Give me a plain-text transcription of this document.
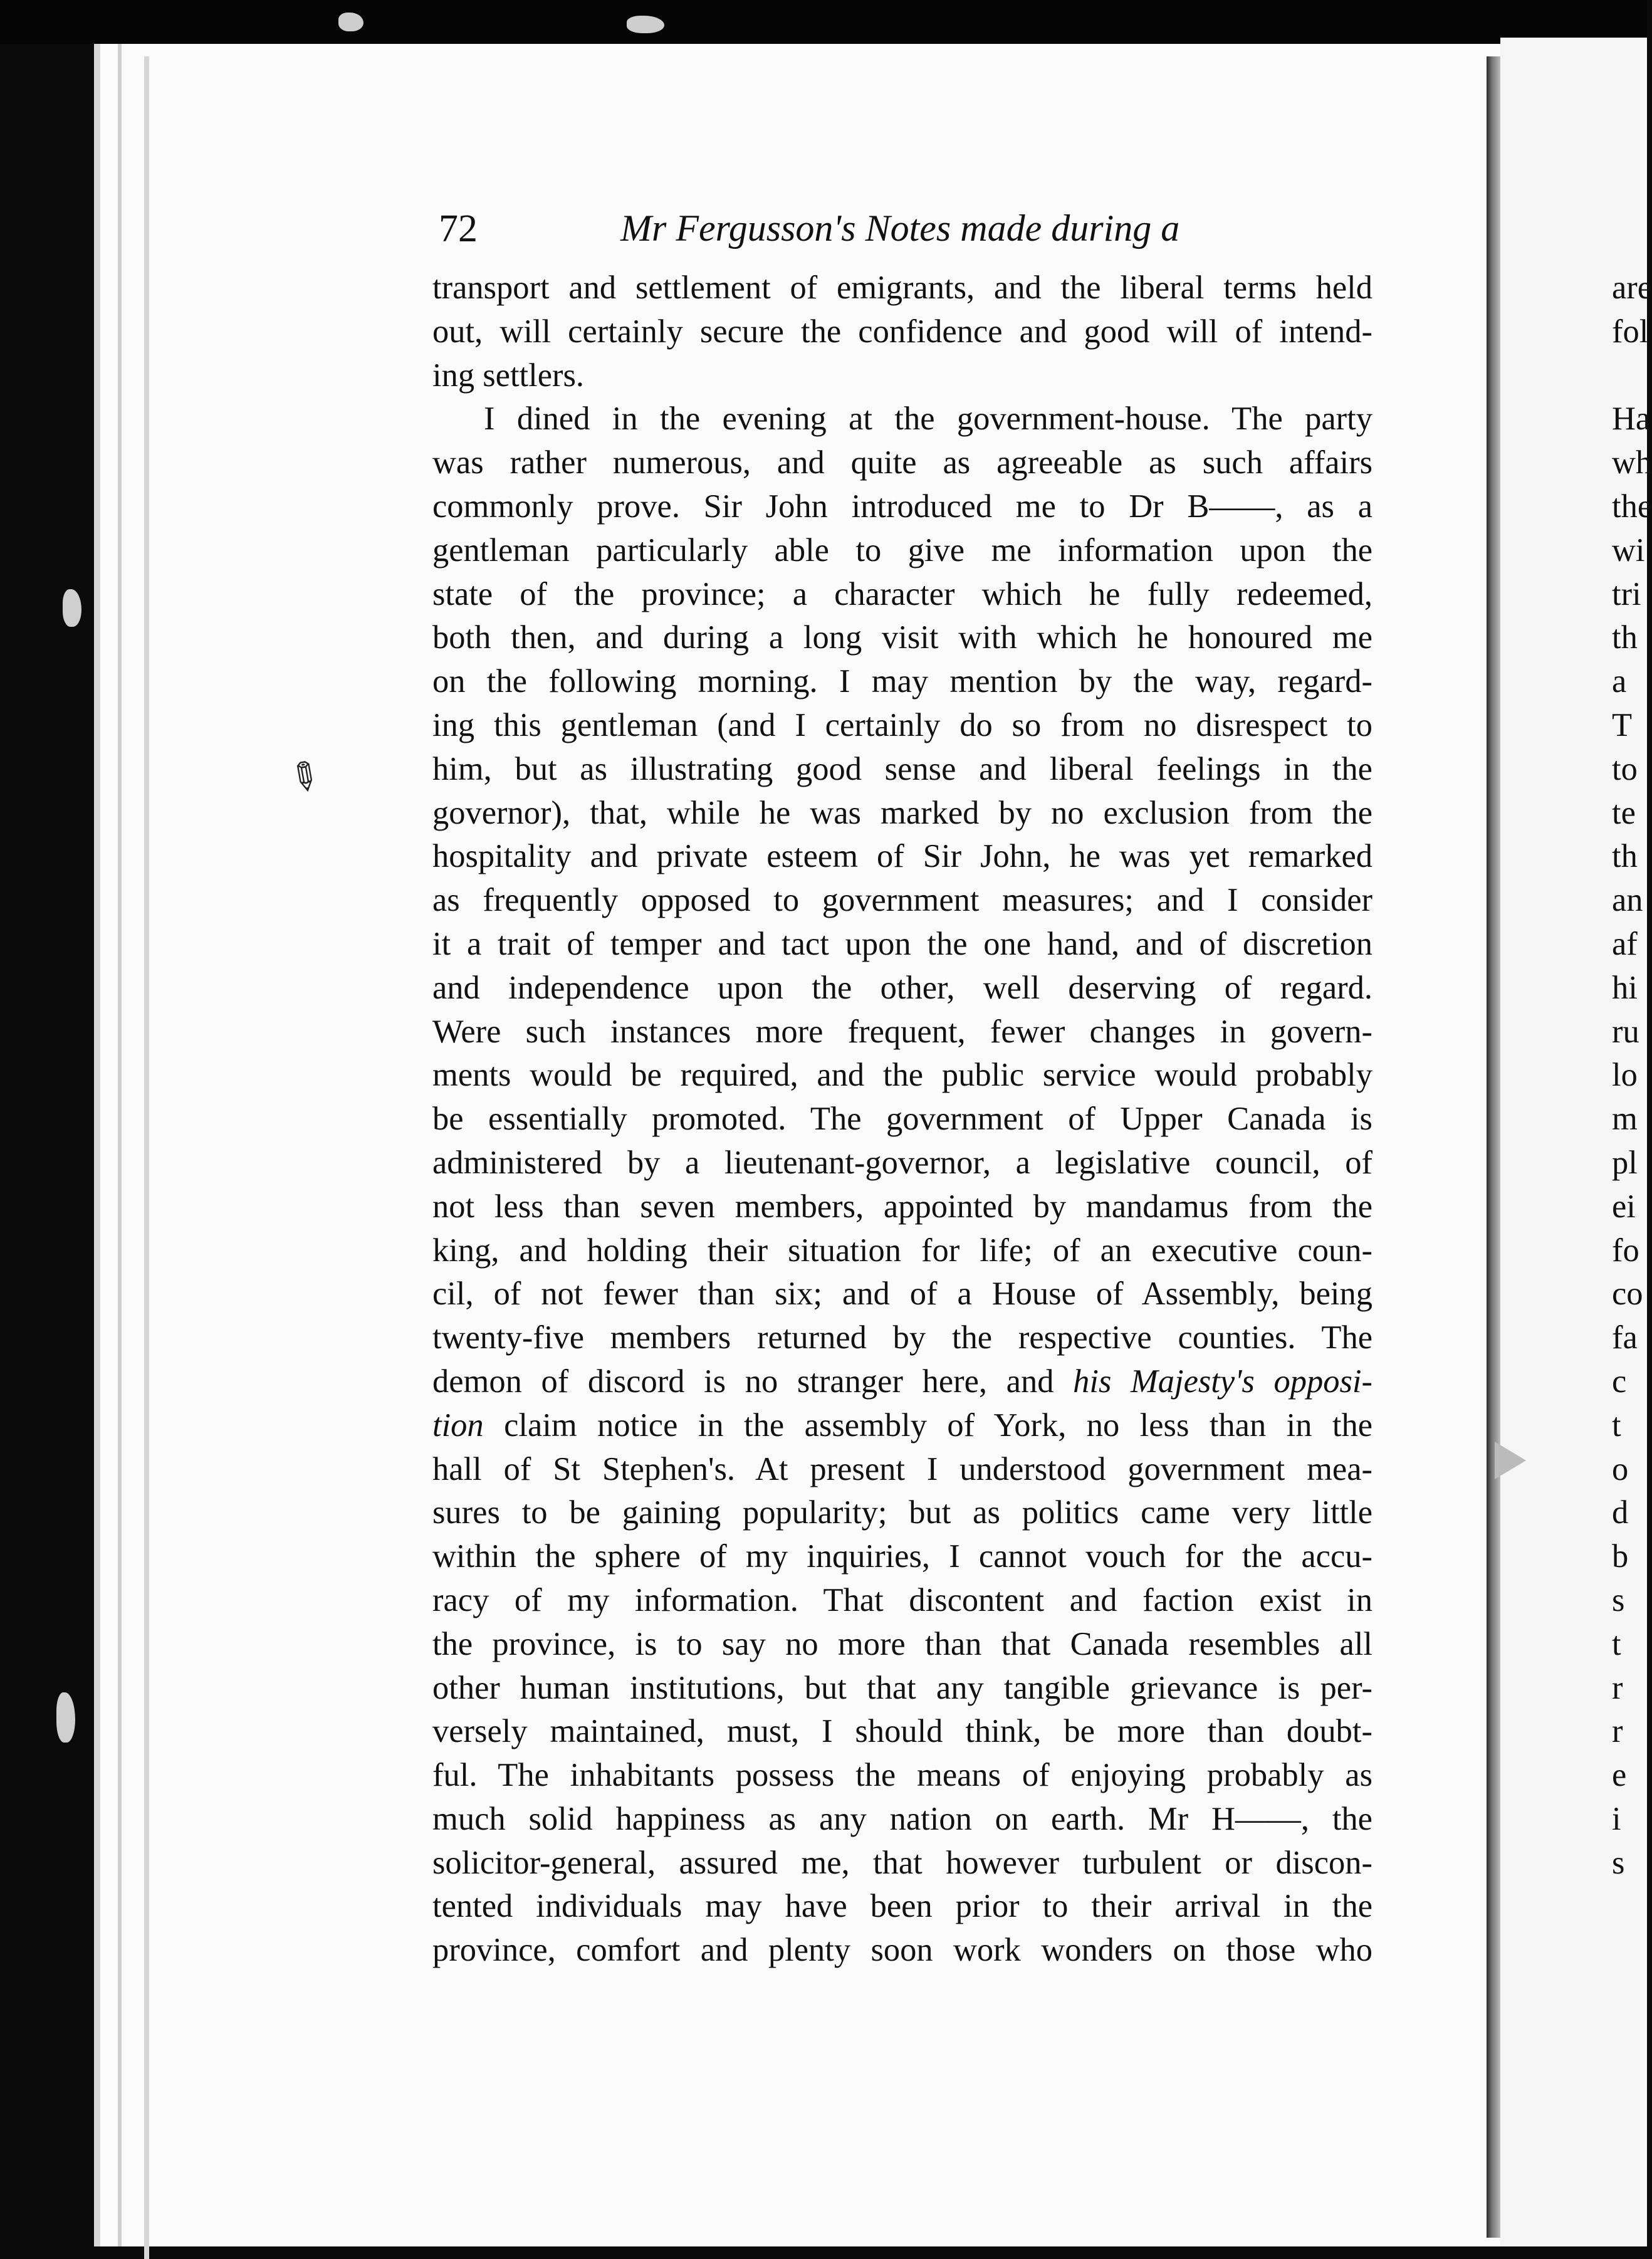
72	Mr Fergusson's Notes made during a
transport and settlement of emigrants, and the liberal terms held
out, will certainly secure the confidence and good will of intend-
ing settlers.
I dined in the evening at the government-house. The party
was rather numerous, and quite as agreeable as such affairs
commonly prove. Sir John introduced me to Dr B——, as a
gentleman particularly able to give me information upon the
state of the province; a character which he fully redeemed,
both then, and during a long visit with which he honoured me
on the following morning. I may mention by the way, regard-
ing this gentleman (and I certainly do so from no disrespect to
him, but as illustrating good sense and liberal feelings in the
governor), that, while he was marked by no exclusion from the
hospitality and private esteem of Sir John, he was yet remarked
as frequently opposed to government measures; and I consider
it a trait of temper and tact upon the one hand, and of discretion
and independence upon the other, well deserving of regard.
Were such instances more frequent, fewer changes in govern-
ments would be required, and the public service would probably
be essentially promoted. The government of Upper Canada is
administered by a lieutenant-governor, a legislative council, of
not less than seven members, appointed by mandamus from the
king, and holding their situation for life; of an executive coun-
cil, of not fewer than six; and of a House of Assembly, being
twenty-five members returned by the respective counties. The
demon of discord is no stranger here, and his Majesty's opposi-
tion claim notice in the assembly of York, no less than in the
hall of St Stephen's. At present I understood government mea-
sures to be gaining popularity; but as politics came very little
within the sphere of my inquiries, I cannot vouch for the accu-
racy of my information. That discontent and faction exist in
the province, is to say no more than that Canada resembles all
other human institutions, but that any tangible grievance is per-
versely maintained, must, I should think, be more than doubt-
ful. The inhabitants possess the means of enjoying probably as
much solid happiness as any nation on earth. Mr H——, the
solicitor-general, assured me, that however turbulent or discon-
tented individuals may have been prior to their arrival in the
province, comfort and plenty soon work wonders on those who
are
fol
Ha
wh
the
wi
tri
th
a
T
to
te
th
an
af
hi
ru
lo
m
pl
ei
fo
co
fa
c
t
o
d
b
s
t
r
r
e
i
s
✎
